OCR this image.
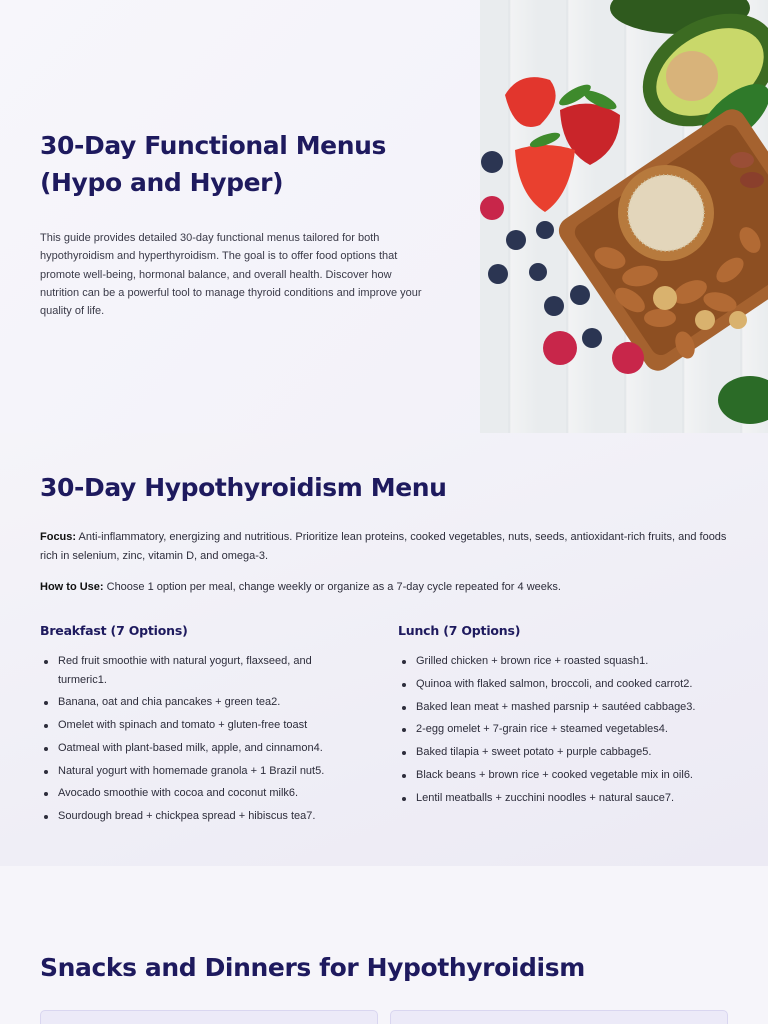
30-Day Functional Menus (Hypo and Hyper)

This guide provides detailed 30-day functional menus tailored for both hypothyroidism and hyperthyroidism. The goal is to offer food options that promote well-being, hormonal balance, and overall health. Discover how nutrition can be a powerful tool to manage thyroid conditions and improve your quality of life.

30-Day Hypothyroidism Menu

Focus: Anti-inflammatory, energizing and nutritious. Prioritize lean proteins, cooked vegetables, nuts, seeds, antioxidant-rich fruits, and foods rich in selenium, zinc, vitamin D, and omega-3.

How to Use: Choose 1 option per meal, change weekly or organize as a 7-day cycle repeated for 4 weeks.

Breakfast (7 Options)
Red fruit smoothie with natural yogurt, flaxseed, and turmeric1.
Banana, oat and chia pancakes + green tea2.
Omelet with spinach and tomato + gluten-free toast
Oatmeal with plant-based milk, apple, and cinnamon4.
Natural yogurt with homemade granola + 1 Brazil nut5.
Avocado smoothie with cocoa and coconut milk6.
Sourdough bread + chickpea spread + hibiscus tea7.
Lunch (7 Options)
Grilled chicken + brown rice + roasted squash1.
Quinoa with flaked salmon, broccoli, and cooked carrot2.
Baked lean meat + mashed parsnip + sautéed cabbage3.
2-egg omelet + 7-grain rice + steamed vegetables4.
Baked tilapia + sweet potato + purple cabbage5.
Black beans + brown rice + cooked vegetable mix in oil6.
Lentil meatballs + zucchini noodles + natural sauce7.
Snacks and Dinners for Hypothyroidism
